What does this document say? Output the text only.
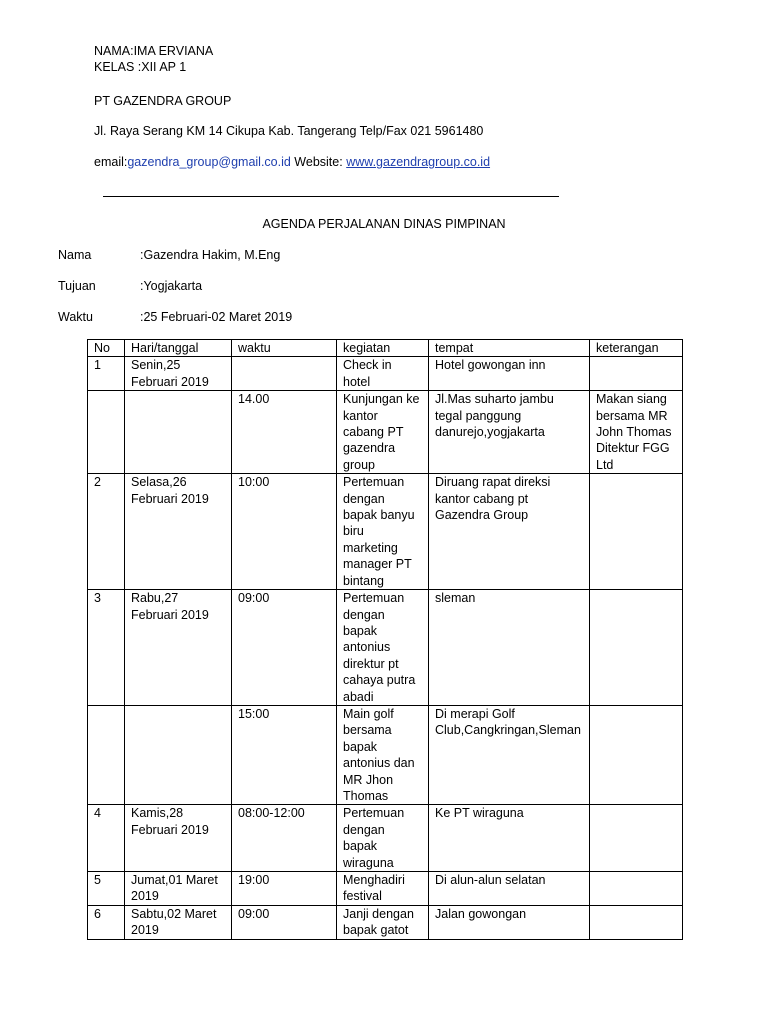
NAMA:IMA ERVIANA
KELAS :XII AP 1
PT GAZENDRA GROUP
Jl. Raya Serang KM 14 Cikupa Kab. Tangerang Telp/Fax 021 5961480
email:gazendra_group@gmail.co.id Website: www.gazendragroup.co.id
AGENDA PERJALANAN DINAS PIMPINAN
Nama	:Gazendra Hakim, M.Eng
Tujuan	:Yogjakarta
Waktu	:25 Februari-02 Maret 2019
No	Hari/tanggal	waktu	kegiatan	tempat	keterangan
1	Senin,25 Februari 2019		Check in hotel	Hotel gowongan inn	
		14.00	Kunjungan ke kantor cabang PT gazendra group	Jl.Mas suharto jambu tegal panggung danurejo,yogjakarta	Makan siang bersama MR John Thomas Ditektur FGG Ltd
2	Selasa,26 Februari 2019	10:00	Pertemuan dengan bapak banyu biru marketing manager PT bintang	Diruang rapat direksi kantor cabang pt Gazendra Group	
3	Rabu,27 Februari 2019	09:00	Pertemuan dengan bapak antonius direktur pt cahaya putra abadi	sleman	
		15:00	Main golf bersama bapak antonius dan MR Jhon Thomas	Di merapi Golf Club,Cangkringan,Sleman	
4	Kamis,28 Februari 2019	08:00-12:00	Pertemuan dengan bapak wiraguna	Ke PT wiraguna	
5	Jumat,01 Maret 2019	19:00	Menghadiri festival	Di alun-alun selatan	
6	Sabtu,02 Maret 2019	09:00	Janji dengan bapak gatot	Jalan gowongan	
